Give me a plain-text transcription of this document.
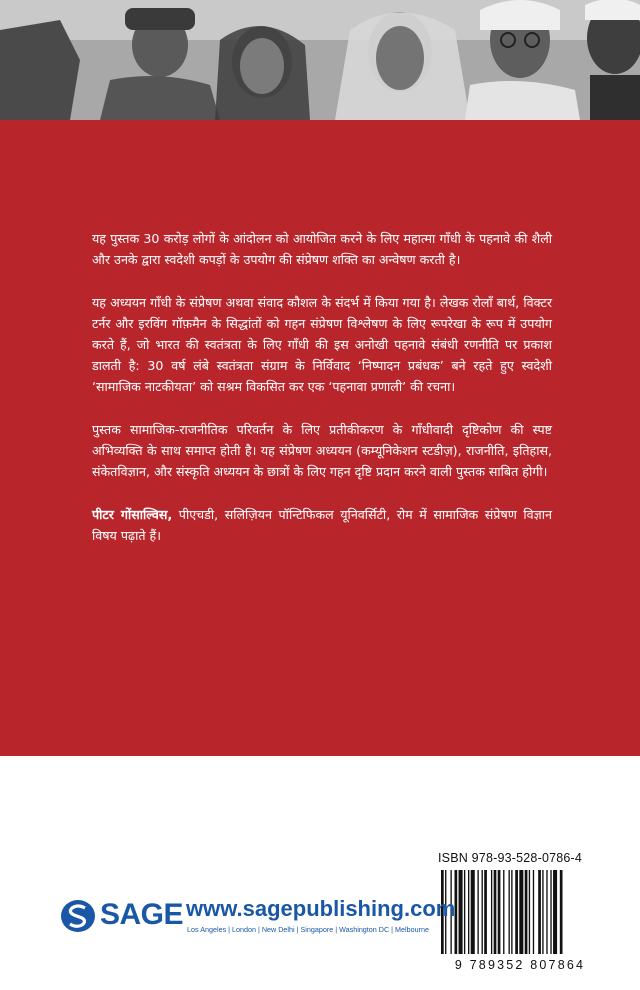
यह पुस्तक 30 करोड़ लोगों के आंदोलन को आयोजित करने के लिए महात्मा गाँधी के पहनावे की शैली और उनके द्वारा स्वदेशी कपड़ों के उपयोग की संप्रेषण शक्ति का अन्वेषण करती है।

यह अध्ययन गाँधी के संप्रेषण अथवा संवाद कौशल के संदर्भ में किया गया है। लेखक रोलाँ बार्थ, विक्टर टर्नर और इरविंग गॉफ़मैन के सिद्धांतों को गहन संप्रेषण विश्लेषण के लिए रूपरेखा के रूप में उपयोग करते हैं, जो भारत की स्वतंत्रता के लिए गाँधी की इस अनोखी पहनावे संबंधी रणनीति पर प्रकाश डालती है: 30 वर्ष लंबे स्वतंत्रता संग्राम के निर्विवाद ‘निष्पादन प्रबंधक’ बने रहते हुए स्वदेशी ‘सामाजिक नाटकीयता’ को सश्रम विकसित कर एक ‘पहनावा प्रणाली’ की रचना।

पुस्तक सामाजिक-राजनीतिक परिवर्तन के लिए प्रतीकीकरण के गाँधीवादी दृष्टिकोण की स्पष्ट अभिव्यक्ति के साथ समाप्त होती है। यह संप्रेषण अध्ययन (कम्यूनिकेशन स्टडीज़), राजनीति, इतिहास, संकेतविज्ञान, और संस्कृति अध्ययन के छात्रों के लिए गहन दृष्टि प्रदान करने वाली पुस्तक साबित होगी।

पीटर गोंसाल्विस, पीएचडी, सलिज़ियन पॉन्टिफिकल यूनिवर्सिटी, रोम में सामाजिक संप्रेषण विज्ञान विषय पढ़ाते हैं।

ISBN 978-93-528-0786-4
9 789352 807864
SAGE www.sagepublishing.com
Los Angeles | London | New Delhi | Singapore | Washington DC | Melbourne
